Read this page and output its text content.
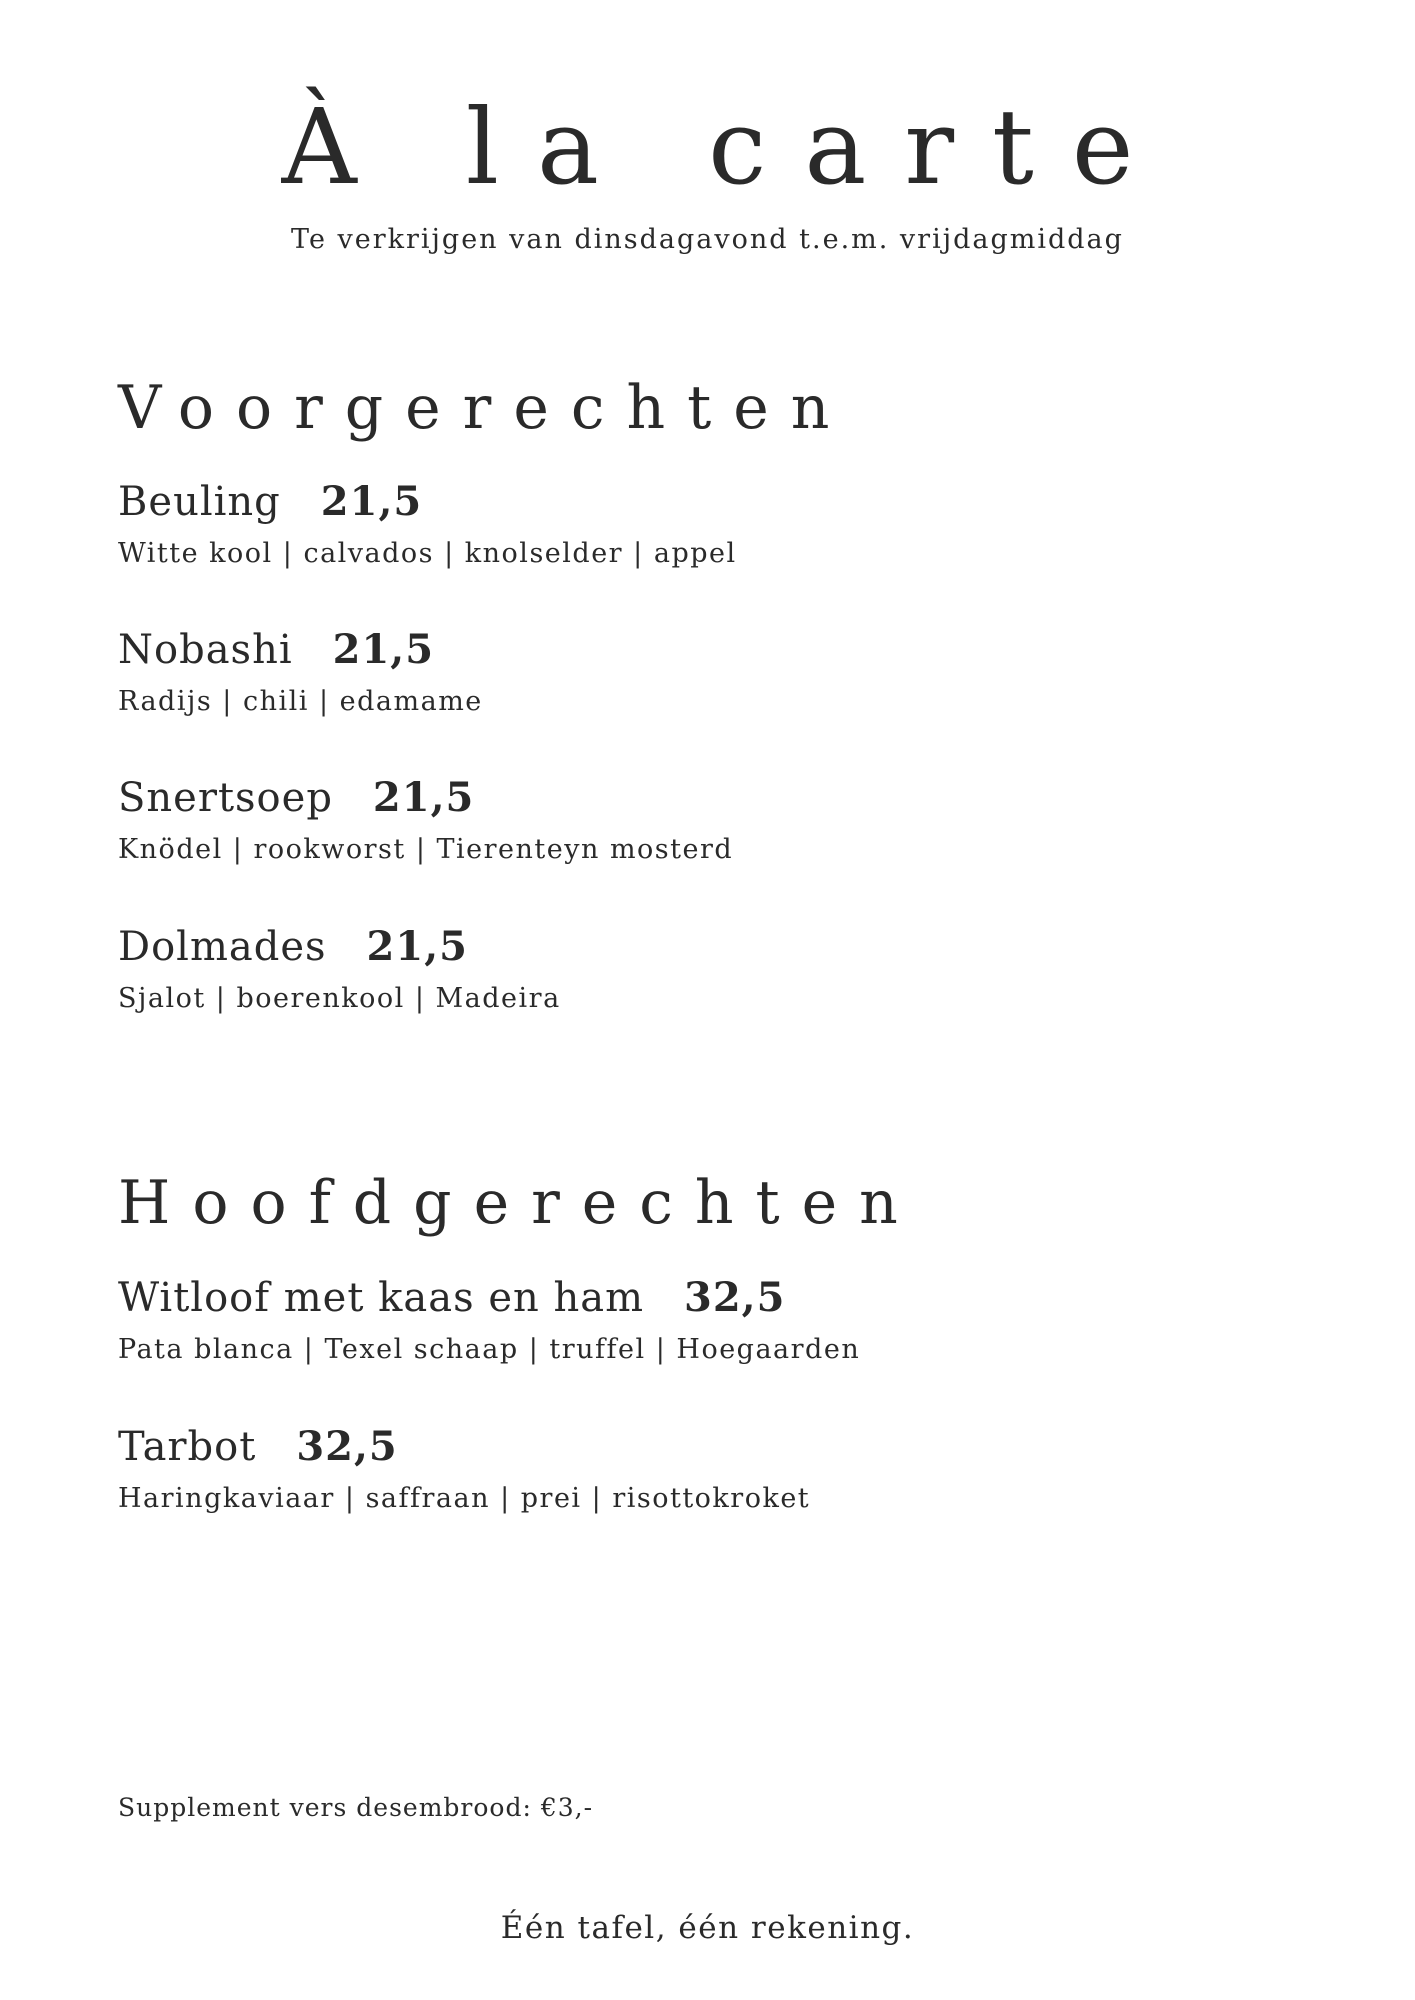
À la carte

Te verkrijgen van dinsdagavond t.e.m. vrijdagmiddag

Voorgerechten
Beuling 21,5
Witte kool | calvados | knolselder | appel
Nobashi 21,5
Radijs | chili | edamame
Snertsoep 21,5
Knödel | rookworst | Tierenteyn mosterd
Dolmades 21,5
Sjalot | boerenkool | Madeira
Hoofdgerechten
Witloof met kaas en ham 32,5
Pata blanca | Texel schaap | truffel | Hoegaarden
Tarbot 32,5
Haringkaviaar | saffraan | prei | risottokroket

Supplement vers desembrood: €3,-

Één tafel, één rekening.
